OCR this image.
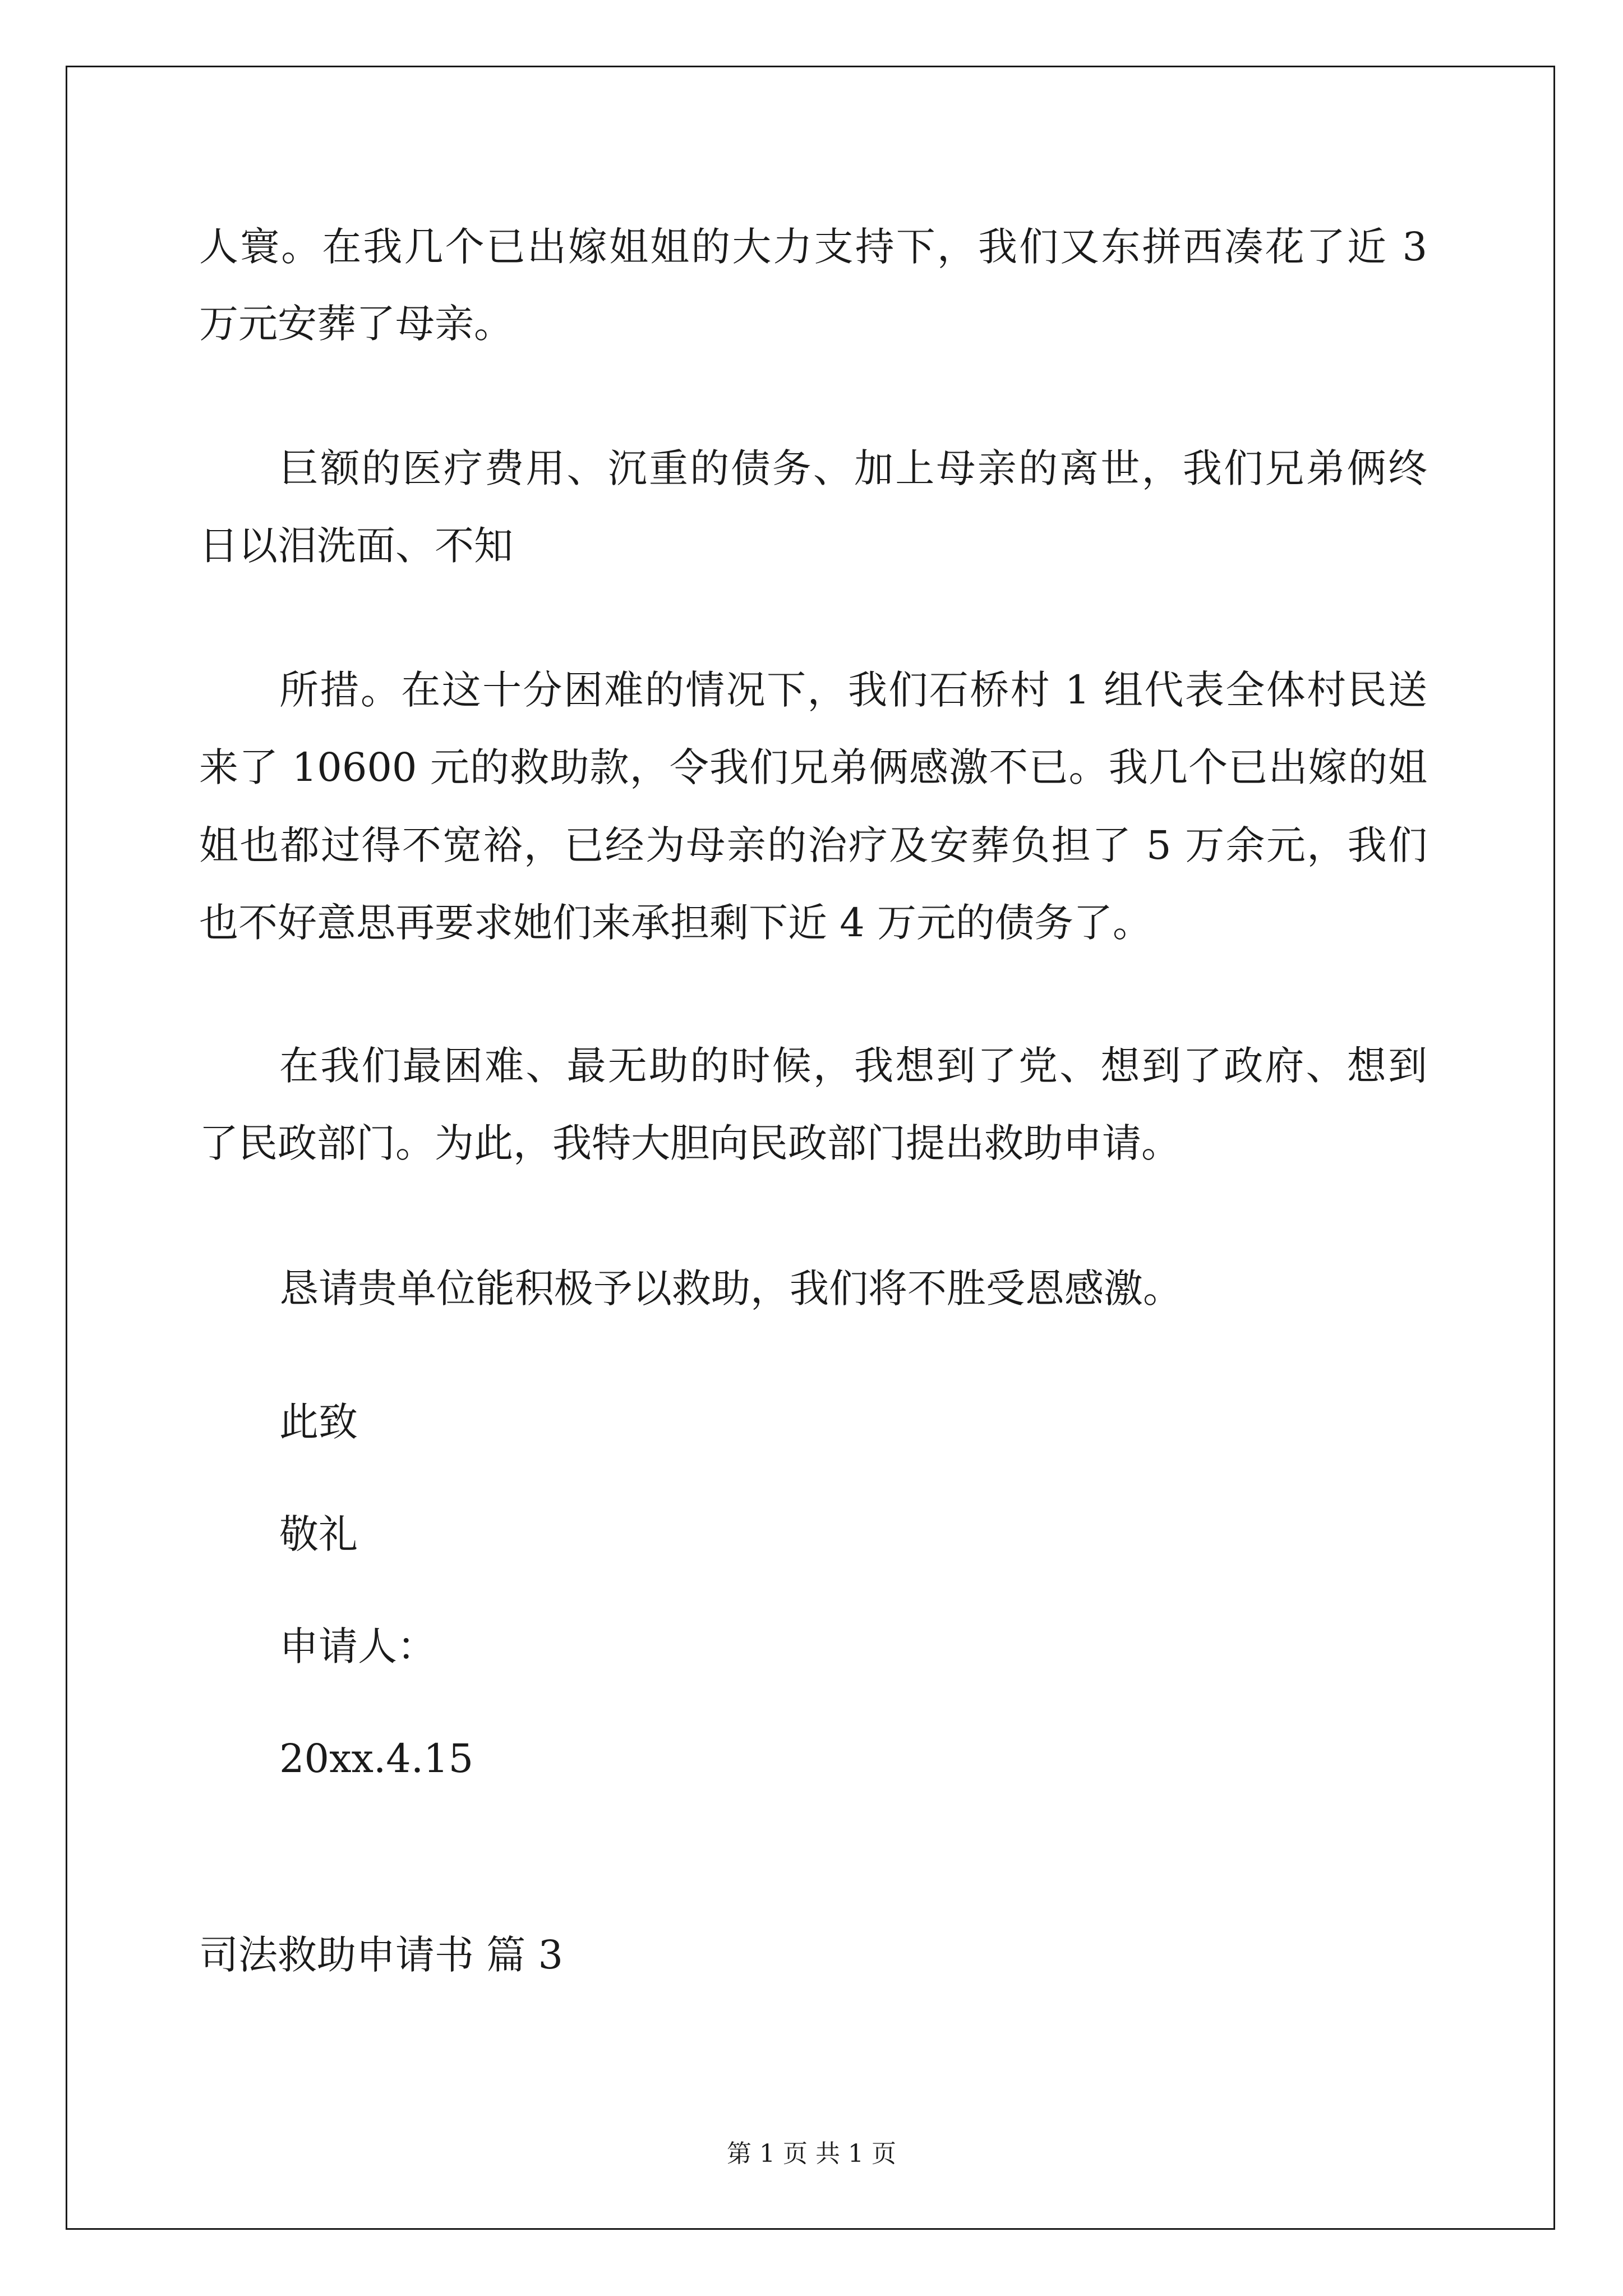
人寰。在我几个已出嫁姐姐的大力支持下，我们又东拼西凑花了近 3
万元安葬了母亲。
巨额的医疗费用、沉重的债务、加上母亲的离世，我们兄弟俩终
日以泪洗面、不知
所措。在这十分困难的情况下，我们石桥村 1 组代表全体村民送
来了 10600 元的救助款，令我们兄弟俩感激不已。我几个已出嫁的姐
姐也都过得不宽裕，已经为母亲的治疗及安葬负担了 5 万余元，我们
也不好意思再要求她们来承担剩下近 4 万元的债务了。
在我们最困难、最无助的时候，我想到了党、想到了政府、想到
了民政部门。为此，我特大胆向民政部门提出救助申请。
恳请贵单位能积极予以救助，我们将不胜受恩感激。
此致
敬礼
申请人：
20xx.4.15
司法救助申请书 篇 3
第 1 页 共 1 页
